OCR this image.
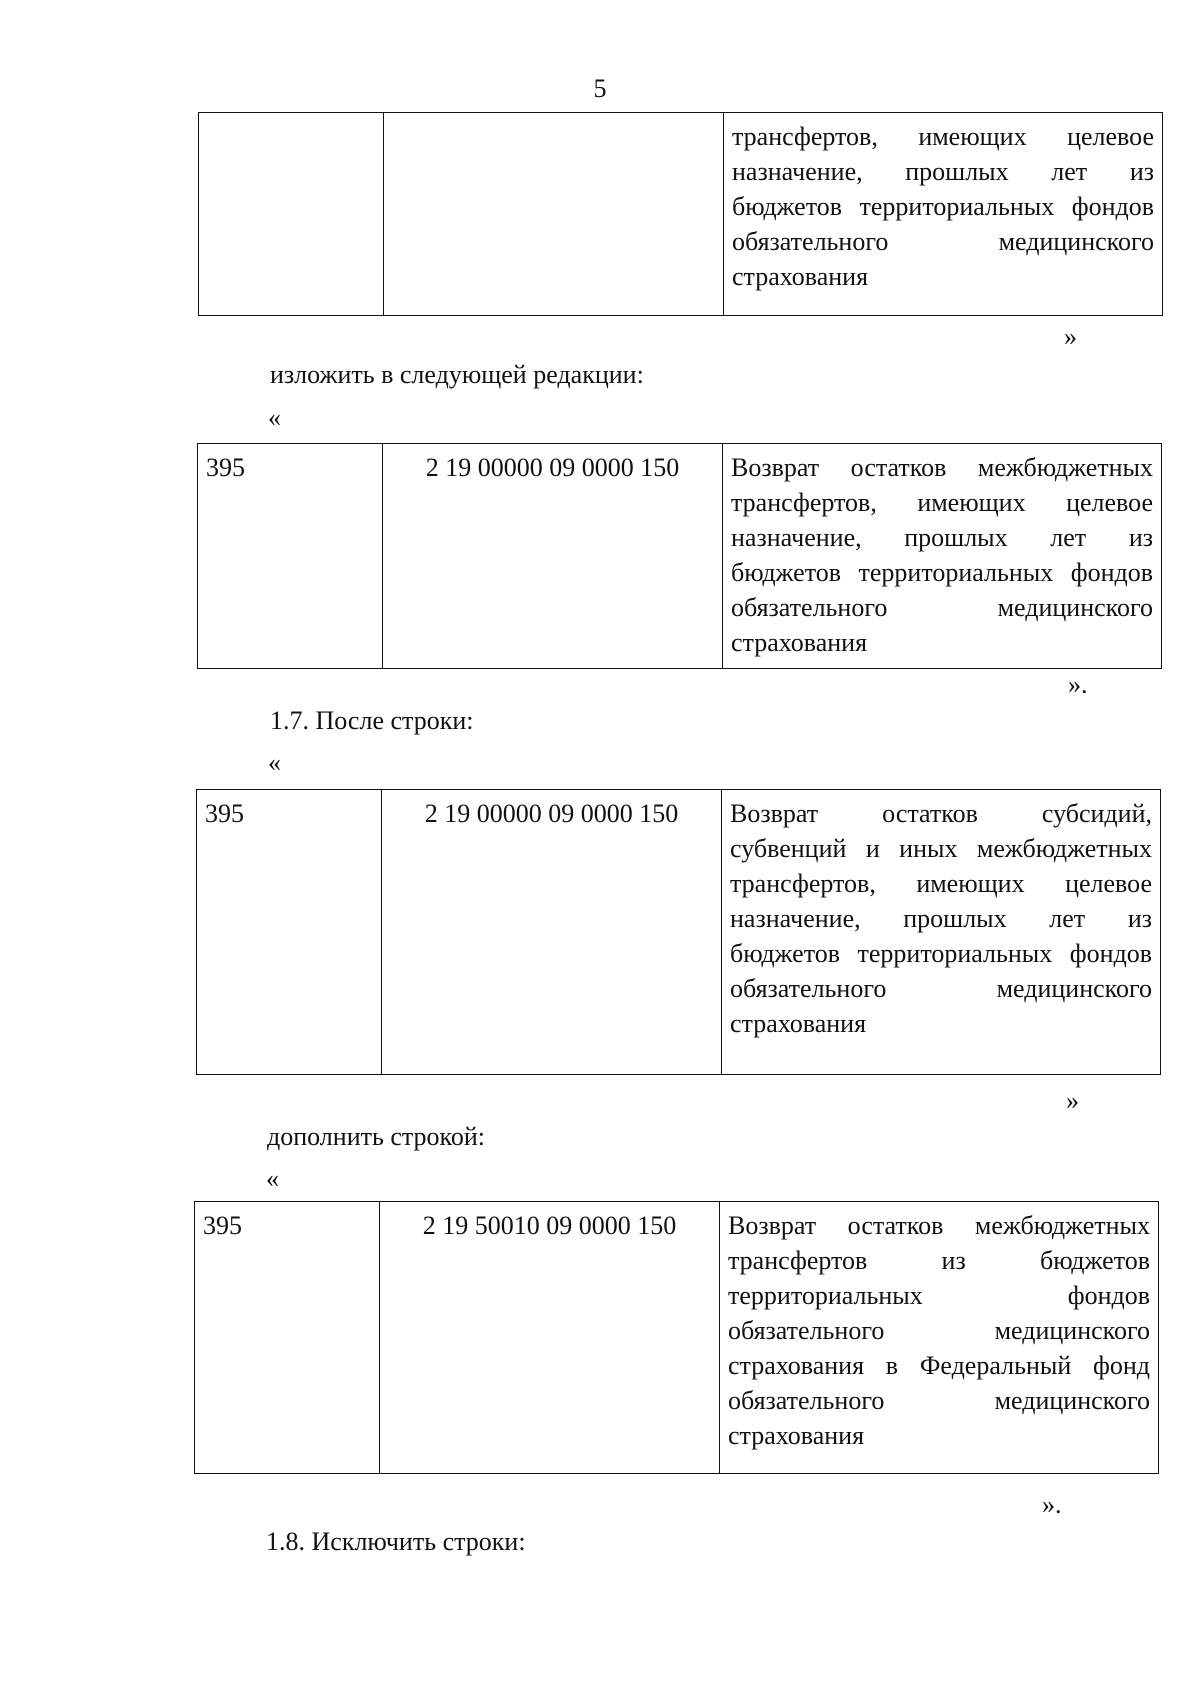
5
		трансфертов, имеющих целевое назначение, прошлых лет из бюджетов территориальных фондов обязательного медицинского страхования
»
изложить в следующей редакции:
«
395	2 19 00000 09 0000 150	Возврат остатков межбюджетных трансфертов, имеющих целевое назначение, прошлых лет из бюджетов территориальных фондов обязательного медицинского страхования
».
1.7. После строки:
«
395	2 19 00000 09 0000 150	Возврат остатков субсидий, субвенций и иных межбюджетных трансфертов, имеющих целевое назначение, прошлых лет из бюджетов территориальных фондов обязательного медицинского страхования
»
дополнить строкой:
«
395	2 19 50010 09 0000 150	Возврат остатков межбюджетных трансфертов из бюджетов территориальных фондов обязательного медицинского страхования в Федеральный фонд обязательного медицинского страхования
».
1.8. Исключить строки:
